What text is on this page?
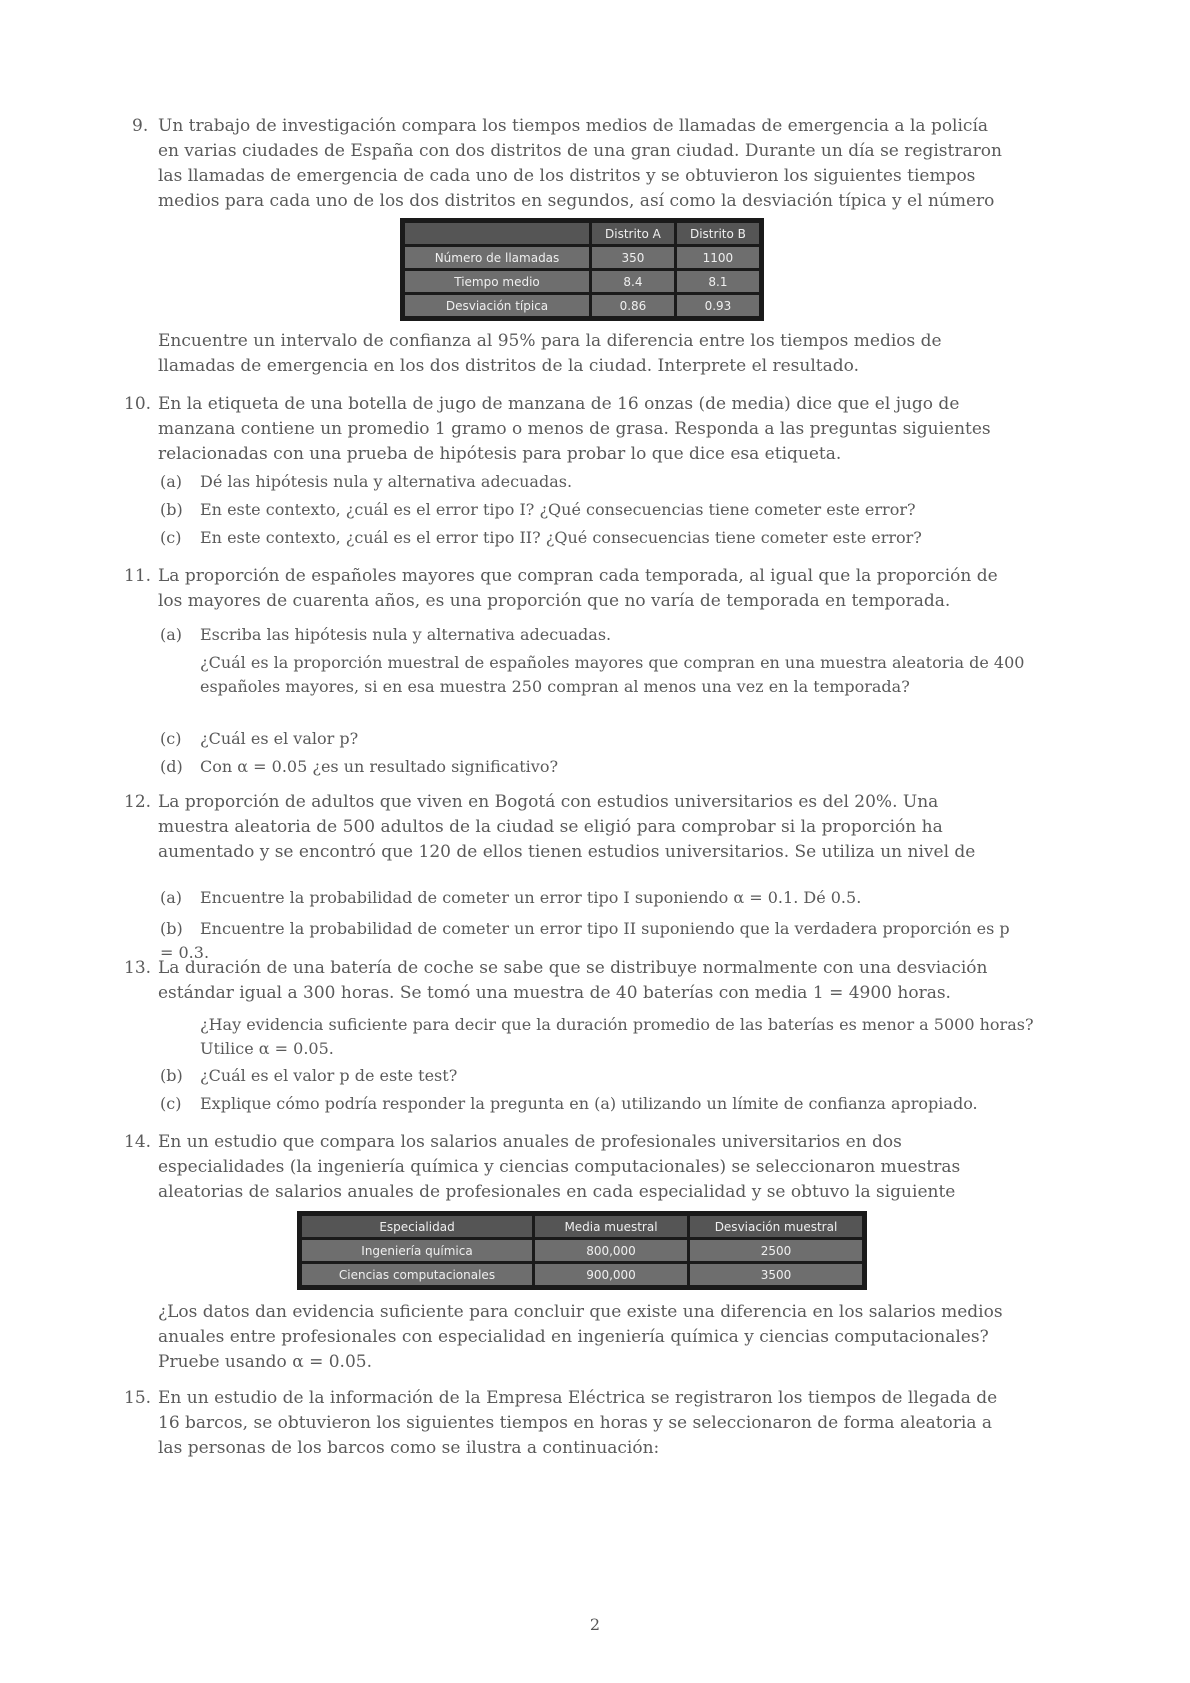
9. Un trabajo de investigación compara los tiempos medios de llamadas de emergencia a la policía en varias ciudades de España con dos distritos de una gran ciudad. Durante un día se registraron las llamadas de emergencia de cada uno de los distritos y se obtuvieron los siguientes tiempos medios para cada uno de los dos distritos en segundos, así como la desviación típica y el número
	Distrito A	Distrito B
Número de llamadas	350	1100
Tiempo medio	8.4	8.1
Desviación típica	0.86	0.93
Encuentre un intervalo de confianza al 95% para la diferencia entre los tiempos medios de llamadas de emergencia en los dos distritos de la ciudad. Interprete el resultado.
10. En la etiqueta de una botella de jugo de manzana de 16 onzas (de media) dice que el jugo de manzana contiene un promedio 1 gramo o menos de grasa. Responda a las preguntas siguientes relacionadas con una prueba de hipótesis para probar lo que dice esa etiqueta.
(a) Dé las hipótesis nula y alternativa adecuadas.
(b) En este contexto, ¿cuál es el error tipo I? ¿Qué consecuencias tiene cometer este error?
(c) En este contexto, ¿cuál es el error tipo II? ¿Qué consecuencias tiene cometer este error?
11. La proporción de españoles mayores que compran cada temporada, al igual que la proporción de los mayores de cuarenta años, es una proporción que no varía de temporada en temporada.
(a) Escriba las hipótesis nula y alternativa adecuadas.
¿Cuál es la proporción muestral de españoles mayores que compran en una muestra aleatoria de 400 españoles mayores, si en esa muestra 250 compran al menos una vez en la temporada?
(c) ¿Cuál es el valor p?
(d) Con α = 0.05 ¿es un resultado significativo?
12. La proporción de adultos que viven en Bogotá con estudios universitarios es del 20%. Una muestra aleatoria de 500 adultos de la ciudad se eligió para comprobar si la proporción ha aumentado y se encontró que 120 de ellos tienen estudios universitarios. Se utiliza un nivel de
(a) Encuentre la probabilidad de cometer un error tipo I suponiendo α = 0.1. Dé 0.5.
(b) Encuentre la probabilidad de cometer un error tipo II suponiendo que la verdadera proporción es p = 0.3.
13. La duración de una batería de coche se sabe que se distribuye normalmente con una desviación estándar igual a 300 horas. Se tomó una muestra de 40 baterías con media 1 = 4900 horas.
¿Hay evidencia suficiente para decir que la duración promedio de las baterías es menor a 5000 horas? Utilice α = 0.05.
(b) ¿Cuál es el valor p de este test?
(c) Explique cómo podría responder la pregunta en (a) utilizando un límite de confianza apropiado.
14. En un estudio que compara los salarios anuales de profesionales universitarios en dos especialidades (la ingeniería química y ciencias computacionales) se seleccionaron muestras aleatorias de salarios anuales de profesionales en cada especialidad y se obtuvo la siguiente
Especialidad	Media muestral	Desviación muestral
Ingeniería química	800,000	2500
Ciencias computacionales	900,000	3500
¿Los datos dan evidencia suficiente para concluir que existe una diferencia en los salarios medios anuales entre profesionales con especialidad en ingeniería química y ciencias computacionales? Pruebe usando α = 0.05.
15. En un estudio de la información de la Empresa Eléctrica se registraron los tiempos de llegada de 16 barcos, se obtuvieron los siguientes tiempos en horas y se seleccionaron de forma aleatoria a las personas de los barcos como se ilustra a continuación:
2
